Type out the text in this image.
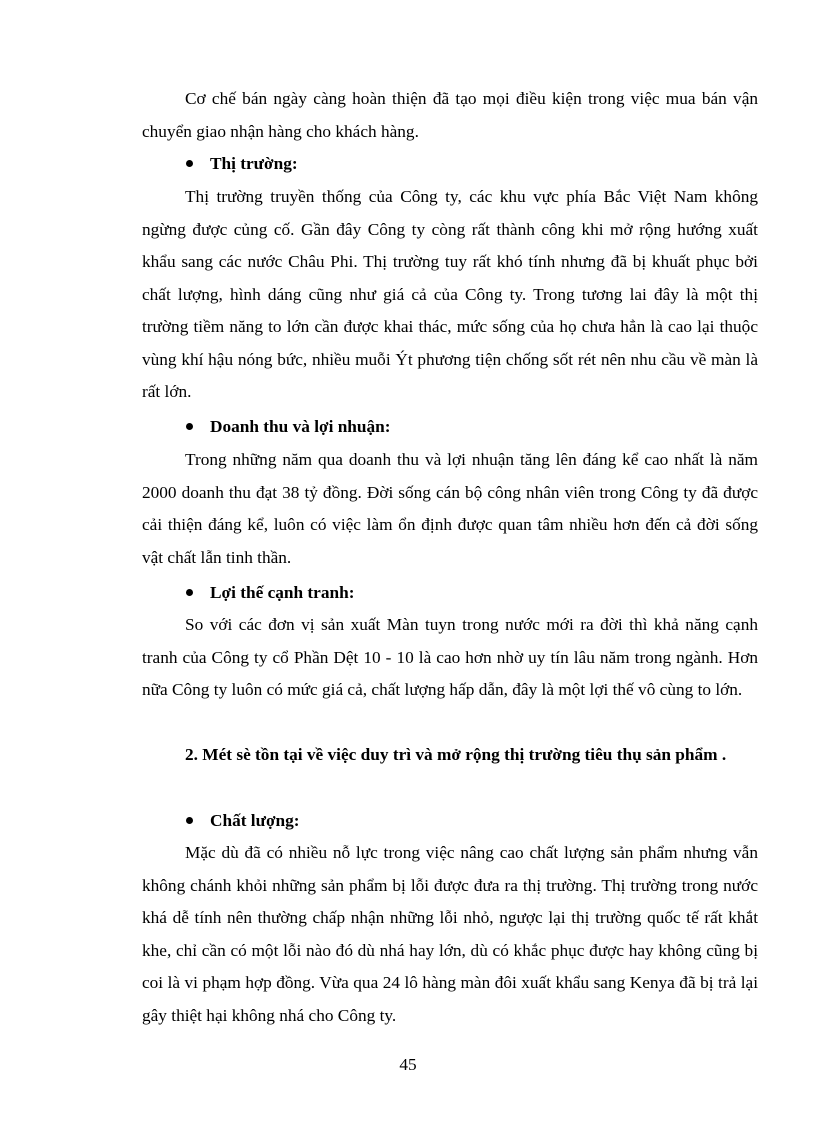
Cơ chế bán ngày càng hoàn thiện đã tạo mọi điều kiện trong việc mua bán vận chuyển giao nhận hàng cho khách hàng.

Thị trường:

Thị trường truyền thống của Công ty, các khu vực phía Bắc Việt Nam không ngừng được củng cố. Gần đây Công ty còng rất thành công khi mở rộng hướng xuất khẩu sang các nước Châu Phi. Thị trường tuy rất khó tính nhưng đã bị khuất phục bởi chất lượng, hình dáng cũng như giá cả của Công ty. Trong tương lai đây là một thị trường tiềm năng to lớn cần được khai thác, mức sống của họ chưa hẳn là cao lại thuộc vùng khí hậu nóng bức, nhiều muỗi Ýt phương tiện chống sốt rét nên nhu cầu về màn là rất lớn.

Doanh thu và lợi nhuận:

Trong những năm qua doanh thu và lợi nhuận tăng lên đáng kể cao nhất là năm 2000 doanh thu đạt 38 tỷ đồng. Đời sống cán bộ công nhân viên trong Công ty đã được cải thiện đáng kể, luôn có việc làm ổn định được quan tâm nhiều hơn đến cả đời sống vật chất lẫn tinh thần.

Lợi thế cạnh tranh:

So với các đơn vị sản xuất Màn tuyn trong nước mới ra đời thì khả năng cạnh tranh của Công ty cổ Phần Dệt 10 - 10 là cao hơn nhờ uy tín lâu năm trong ngành. Hơn nữa Công ty luôn có mức giá cả, chất lượng hấp dẫn, đây là một lợi thế vô cùng to lớn.

2. Mét sè tồn tại về việc duy trì và mở rộng thị trường tiêu thụ sản phẩm .

Chất lượng:

Mặc dù đã có nhiều nỗ lực trong việc nâng cao chất lượng sản phẩm nhưng vẫn không chánh khỏi những sản phẩm bị lỗi được đưa ra thị trường. Thị trường trong nước khá dễ tính nên thường chấp nhận những lỗi nhỏ, ngược lại thị trường quốc tế rất khắt khe, chỉ cần có một lỗi nào đó dù nhá hay lớn, dù có khắc phục được hay không cũng bị coi là vi phạm hợp đồng. Vừa qua 24 lô hàng màn đôi xuất khẩu sang Kenya đã bị trả lại gây thiệt hại không nhá cho Công ty.

45
